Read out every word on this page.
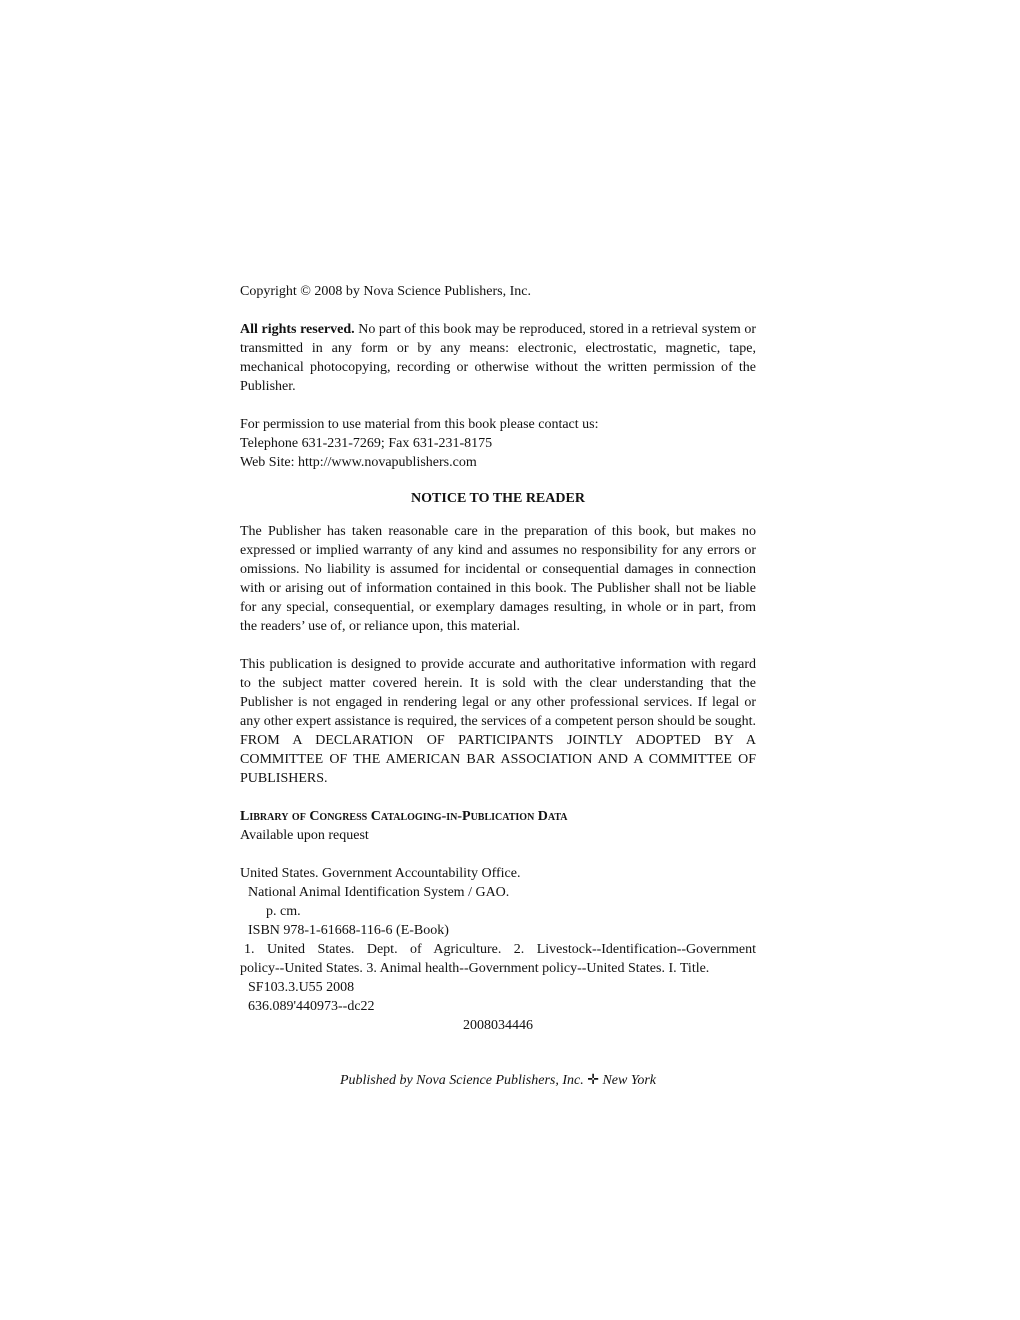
Copyright © 2008 by Nova Science Publishers, Inc.

All rights reserved. No part of this book may be reproduced, stored in a retrieval system or transmitted in any form or by any means: electronic, electrostatic, magnetic, tape, mechanical photocopying, recording or otherwise without the written permission of the Publisher.

For permission to use material from this book please contact us:

Telephone 631-231-7269; Fax 631-231-8175

Web Site: http://www.novapublishers.com

NOTICE TO THE READER

The Publisher has taken reasonable care in the preparation of this book, but makes no expressed or implied warranty of any kind and assumes no responsibility for any errors or omissions. No liability is assumed for incidental or consequential damages in connection with or arising out of information contained in this book. The Publisher shall not be liable for any special, consequential, or exemplary damages resulting, in whole or in part, from the readers’ use of, or reliance upon, this material.

This publication is designed to provide accurate and authoritative information with regard to the subject matter covered herein. It is sold with the clear understanding that the Publisher is not engaged in rendering legal or any other professional services. If legal or any other expert assistance is required, the services of a competent person should be sought. FROM A DECLARATION OF PARTICIPANTS JOINTLY ADOPTED BY A COMMITTEE OF THE AMERICAN BAR ASSOCIATION AND A COMMITTEE OF PUBLISHERS.

Library of Congress Cataloging-in-Publication Data
Available upon request
United States. Government Accountability Office.
National Animal Identification System / GAO.
p. cm.
ISBN 978-1-61668-116-6 (E-Book)
1. United States. Dept. of Agriculture. 2. Livestock--Identification--Government
policy--United States. 3. Animal health--Government policy--United States. I. Title.
SF103.3.U55 2008
636.089'440973--dc22
2008034446
Published by Nova Science Publishers, Inc. ✛ New York
